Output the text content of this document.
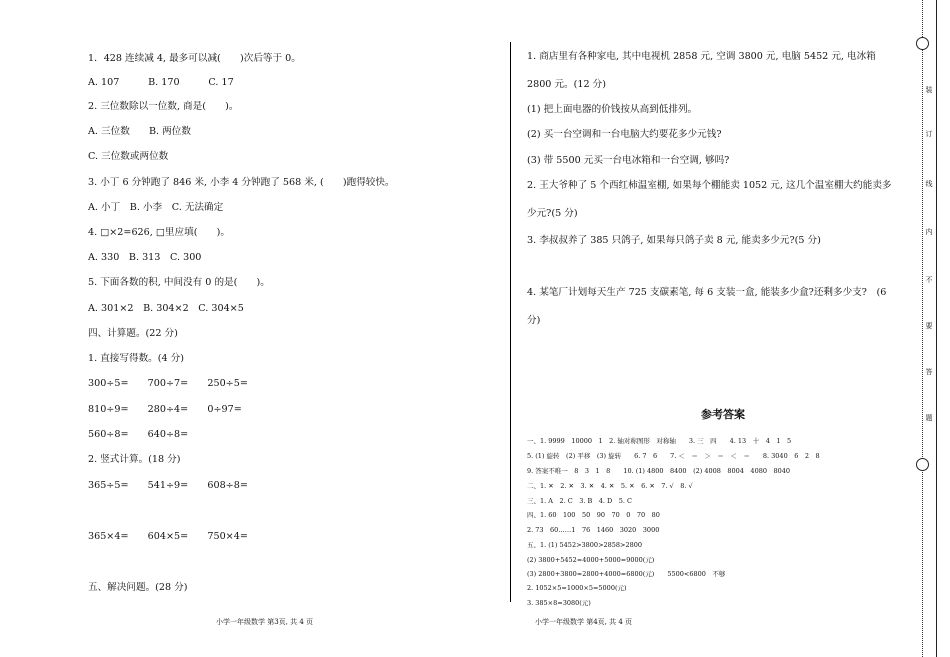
1．428 连续减 4, 最多可以减(　　)次后等于 0。
A. 107　　　B. 170　　　C. 17
2. 三位数除以一位数, 商是(　　)。
A. 三位数　　B. 两位数
C. 三位数或两位数
3. 小丁 6 分钟跑了 846 米, 小李 4 分钟跑了 568 米, (　　)跑得较快。
A. 小丁　B. 小李　C. 无法确定
4. □×2=626, □里应填(　　)。
A. 330　B. 313　C. 300
5. 下面各数的积, 中间没有 0 的是(　　)。
A. 301×2　B. 304×2　C. 304×5
四、计算题。(22 分)
1. 直接写得数。(4 分)
300÷5=　　700÷7=　　250÷5=
810÷9=　　280÷4=　　0÷97=
560÷8=　　640÷8=
2. 竖式计算。(18 分)
365÷5=　　541÷9=　　608÷8=
365×4=　　604×5=　　750×4=
五、解决问题。(28 分)
小学一年级数学 第3页, 共 4 页
1. 商店里有各种家电, 其中电视机 2858 元, 空调 3800 元, 电脑 5452 元, 电冰箱
2800 元。(12 分)
(1) 把上面电器的价钱按从高到低排列。
(2) 买一台空调和一台电脑大约要花多少元钱?
(3) 带 5500 元买一台电冰箱和一台空调, 够吗?
2. 王大爷种了 5 个西红柿温室棚, 如果每个棚能卖 1052 元, 这几个温室棚大约能卖多
少元?(5 分)
3. 李叔叔养了 385 只鸽子, 如果每只鸽子卖 8 元, 能卖多少元?(5 分)
4. 某笔厂计划每天生产 725 支碳素笔, 每 6 支装一盒, 能装多少盒?还剩多少支?　(6
分)
参考答案
一、1. 9999　10000　1　2. 轴对称图形　对称轴　　3. 三　四　　4. 13　十　4　1　5
5. (1) 旋转　(2) 平移　(3) 旋转　　6. 7　6　　7. ＜　＝　＞　＝　＜　＝　　8. 3040　6　2　8
9. 答案不唯一　8　3　1　8　　10. (1) 4800　8400　(2) 4008　8004　4080　8040
二、1. ✕　2. ✕　3. ✕　4. ✕　5. ✕　6. ✕　7. √　8. √
三、1. A　2. C　3. B　4. D　5. C
四、1. 60　100　50　90　70　0　70　80
2. 73　60……1　76　1460　3020　3000
五、1. (1) 5452>3800>2858>2800
(2) 3800+5452≈4000+5000=9000(元)
(3) 2800+3800≈2800+4000=6800(元)　　5500<6800　不够
2. 1052×5≈1000×5=5000(元)
3. 385×8=3080(元)
小学一年级数学 第4页, 共 4 页
装
订
线
内
不
要
答
题
